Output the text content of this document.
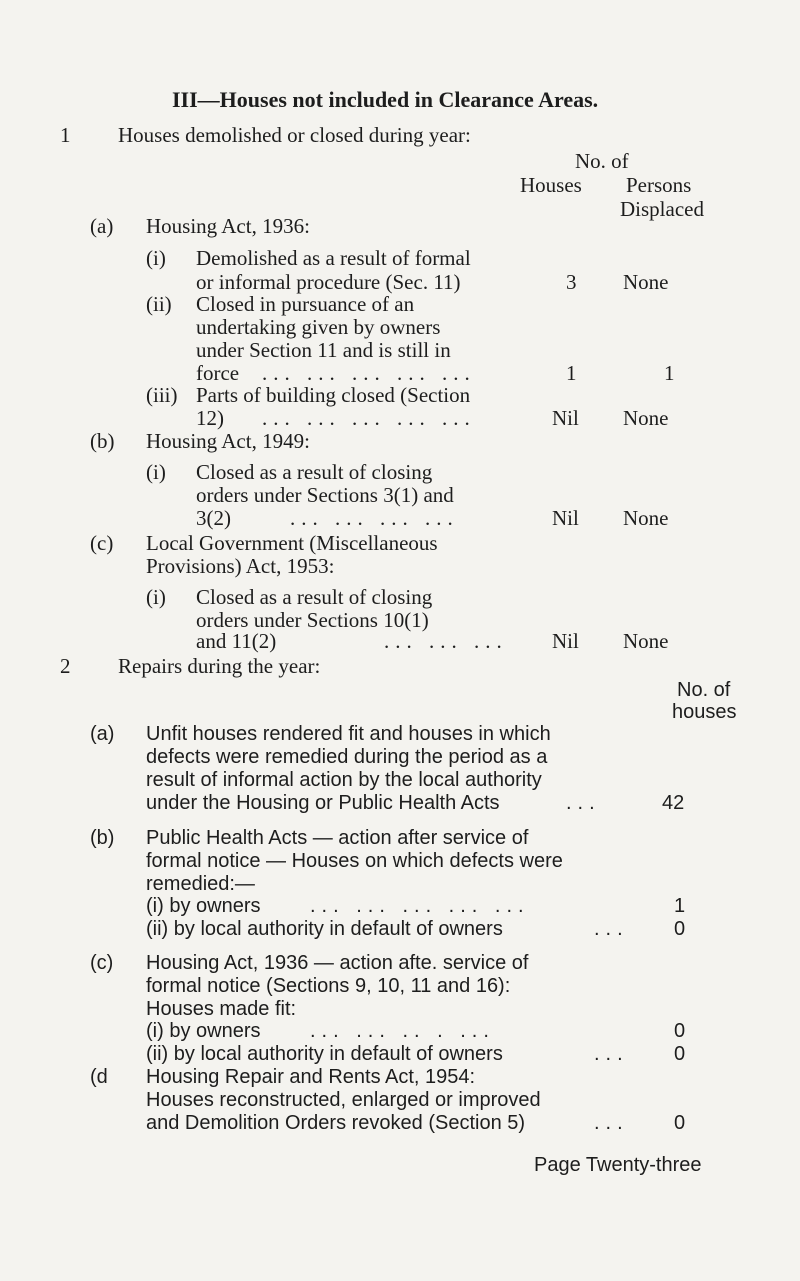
III—Houses not included in Clearance Areas.
1 Houses demolished or closed during year:
No. of
Houses Persons
Displaced
(a) Housing Act, 1936:
(i) Demolished as a result of formal
or informal procedure (Sec. 11)	3 None
(ii) Closed in pursuance of an
undertaking given by owners
under Section 11 and is still in
force ... ... ... ... ...	1	1
(iii) Parts of building closed (Section
12) ... ... ... ... ...	Nil None
(b) Housing Act, 1949:
(i) Closed as a result of closing
orders under Sections 3(1) and
3(2)	... ... ... ...	Nil None
(c) Local Government (Miscellaneous
Provisions) Act, 1953:
(i) Closed as a result of closing
orders under Sections 10(1)
and 11(2)	... ... ... Nil None
2 Repairs during the year:
No. of
houses
(a) Unfit houses rendered fit and houses in which
defects were remedied during the period as a
result of informal action by the local authority
under the Housing or Public Health Acts	...	42
(b) Public Health Acts — action after service of
formal notice — Houses on which defects were
remedied:—
(i) by owners ... ... ... ... ...	1
(ii) by local authority in default of owners	... 0
(c) Housing Act, 1936 — action afte. service of
formal notice (Sections 9, 10, 11 and 16):
Houses made fit:
(i) by owners ... ... .. . ...	0
(ii) by local authority in default of owners	... 0
(d Housing Repair and Rents Act, 1954:
Houses reconstructed, enlarged or improved
and Demolition Orders revoked (Section 5)	... 0
Page Twenty-three
